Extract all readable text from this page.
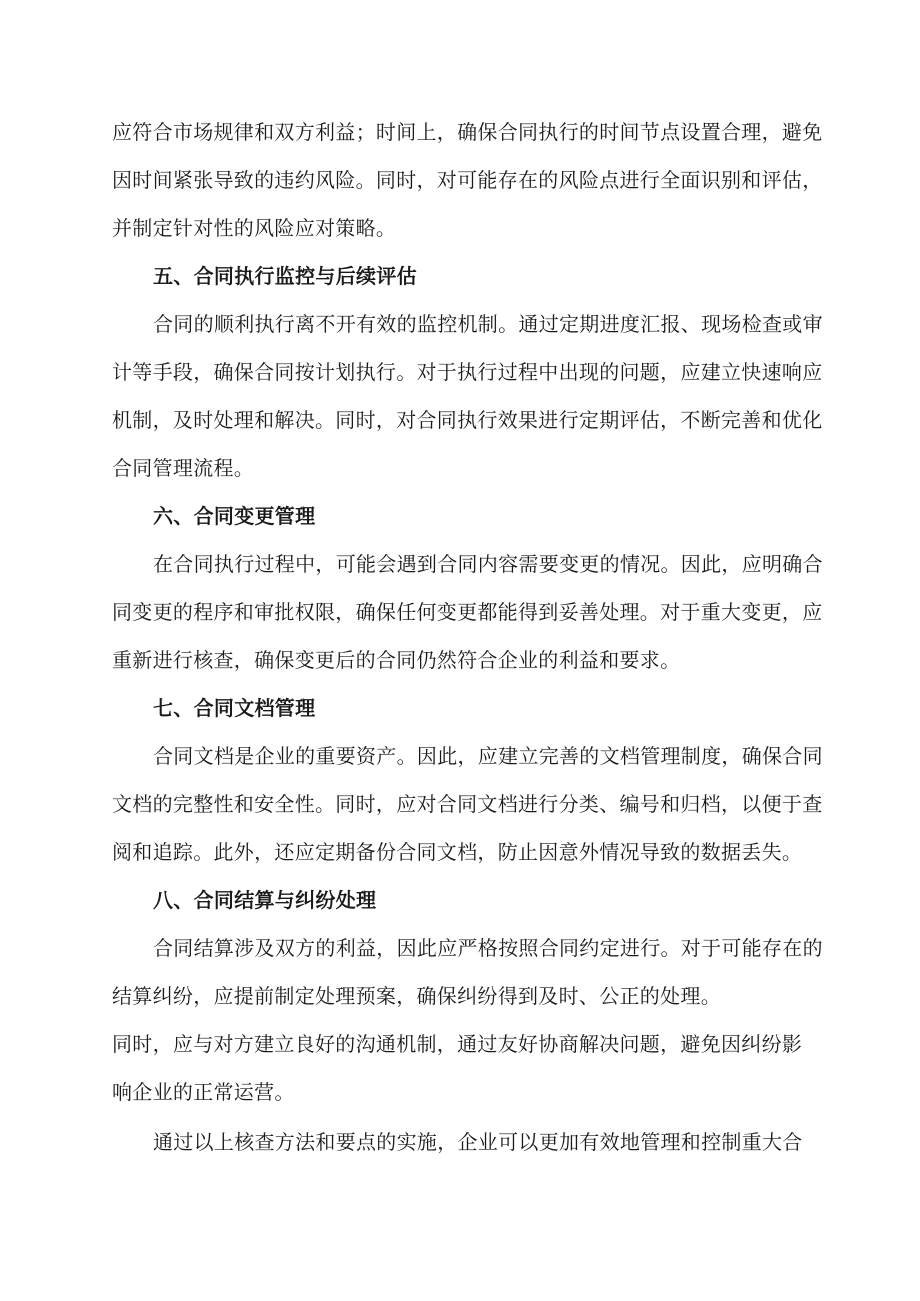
应符合市场规律和双方利益；时间上，确保合同执行的时间节点设置合理，避免
因时间紧张导致的违约风险。同时，对可能存在的风险点进行全面识别和评估，
并制定针对性的风险应对策略。
五、合同执行监控与后续评估
合同的顺利执行离不开有效的监控机制。通过定期进度汇报、现场检查或审
计等手段，确保合同按计划执行。对于执行过程中出现的问题，应建立快速响应
机制，及时处理和解决。同时，对合同执行效果进行定期评估，不断完善和优化
合同管理流程。
六、合同变更管理
在合同执行过程中，可能会遇到合同内容需要变更的情况。因此，应明确合
同变更的程序和审批权限，确保任何变更都能得到妥善处理。对于重大变更，应
重新进行核查，确保变更后的合同仍然符合企业的利益和要求。
七、合同文档管理
合同文档是企业的重要资产。因此，应建立完善的文档管理制度，确保合同
文档的完整性和安全性。同时，应对合同文档进行分类、编号和归档，以便于查
阅和追踪。此外，还应定期备份合同文档，防止因意外情况导致的数据丢失。
八、合同结算与纠纷处理
合同结算涉及双方的利益，因此应严格按照合同约定进行。对于可能存在的
结算纠纷，应提前制定处理预案，确保纠纷得到及时、公正的处理。
同时，应与对方建立良好的沟通机制，通过友好协商解决问题，避免因纠纷影
响企业的正常运营。
通过以上核查方法和要点的实施，企业可以更加有效地管理和控制重大合
